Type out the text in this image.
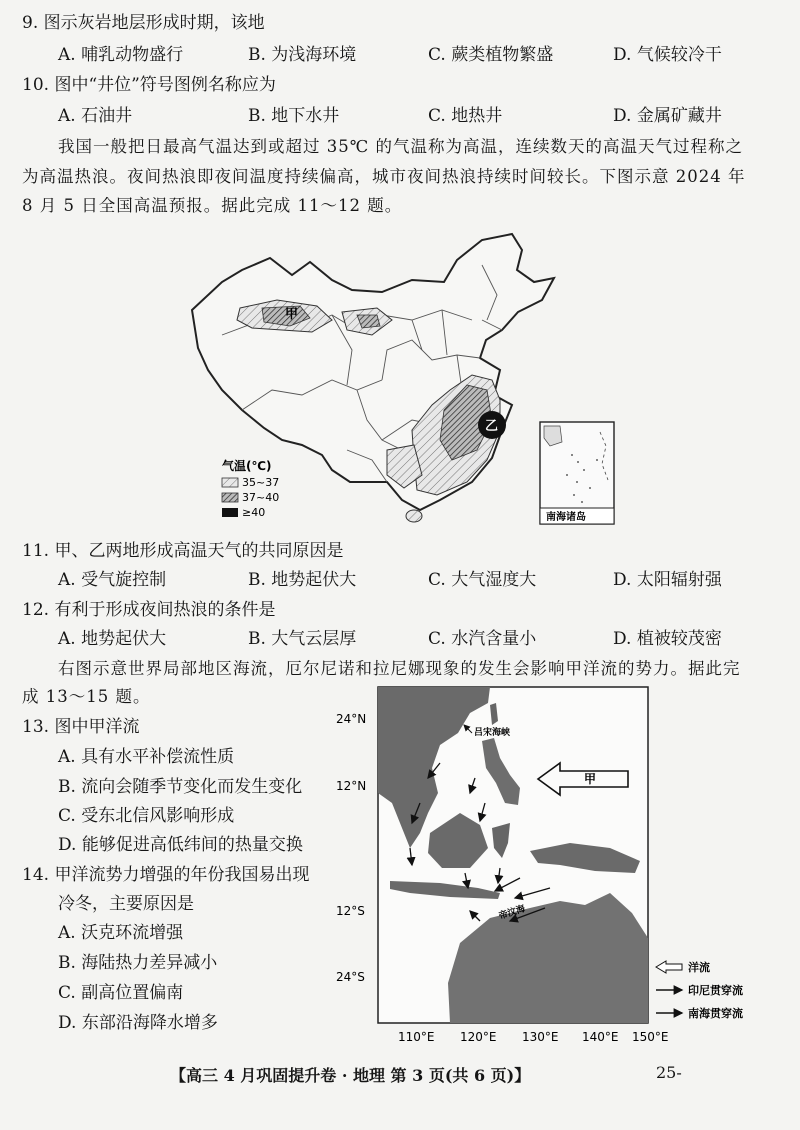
9. 图示灰岩地层形成时期，该地
A. 哺乳动物盛行	B. 为浅海环境	C. 蕨类植物繁盛	D. 气候较冷干
10. 图中“井位”符号图例名称应为
A. 石油井	B. 地下水井	C. 地热井	D. 金属矿藏井
我国一般把日最高气温达到或超过 35℃ 的气温称为高温，连续数天的高温天气过程称之
为高温热浪。夜间热浪即夜间温度持续偏高，城市夜间热浪持续时间较长。下图示意 2024 年
8 月 5 日全国高温预报。据此完成 11～12 题。
甲
乙
气温(℃)
35~37
37~40
≥40	南海诸岛
11. 甲、乙两地形成高温天气的共同原因是
A. 受气旋控制	B. 地势起伏大	C. 大气湿度大	D. 太阳辐射强
12. 有利于形成夜间热浪的条件是
A. 地势起伏大	B. 大气云层厚	C. 水汽含量小	D. 植被较茂密
右图示意世界局部地区海流，厄尔尼诺和拉尼娜现象的发生会影响甲洋流的势力。据此完
成 13～15 题。
13. 图中甲洋流
A. 具有水平补偿流性质
B. 流向会随季节变化而发生变化
C. 受东北信风影响形成
D. 能够促进高低纬间的热量交换
14. 甲洋流势力增强的年份我国易出现
冷冬，主要原因是
A. 沃克环流增强
B. 海陆热力差异减小
C. 副高位置偏南
D. 东部沿海降水增多
24°N
12°N
12°S
24°S
甲
吕宋海峡
帝汶海
洋流
印尼贯穿流
南海贯穿流
110°E 120°E 130°E 140°E 150°E
【高三 4 月巩固提升卷 · 地理 第 3 页(共 6 页)】	25-
